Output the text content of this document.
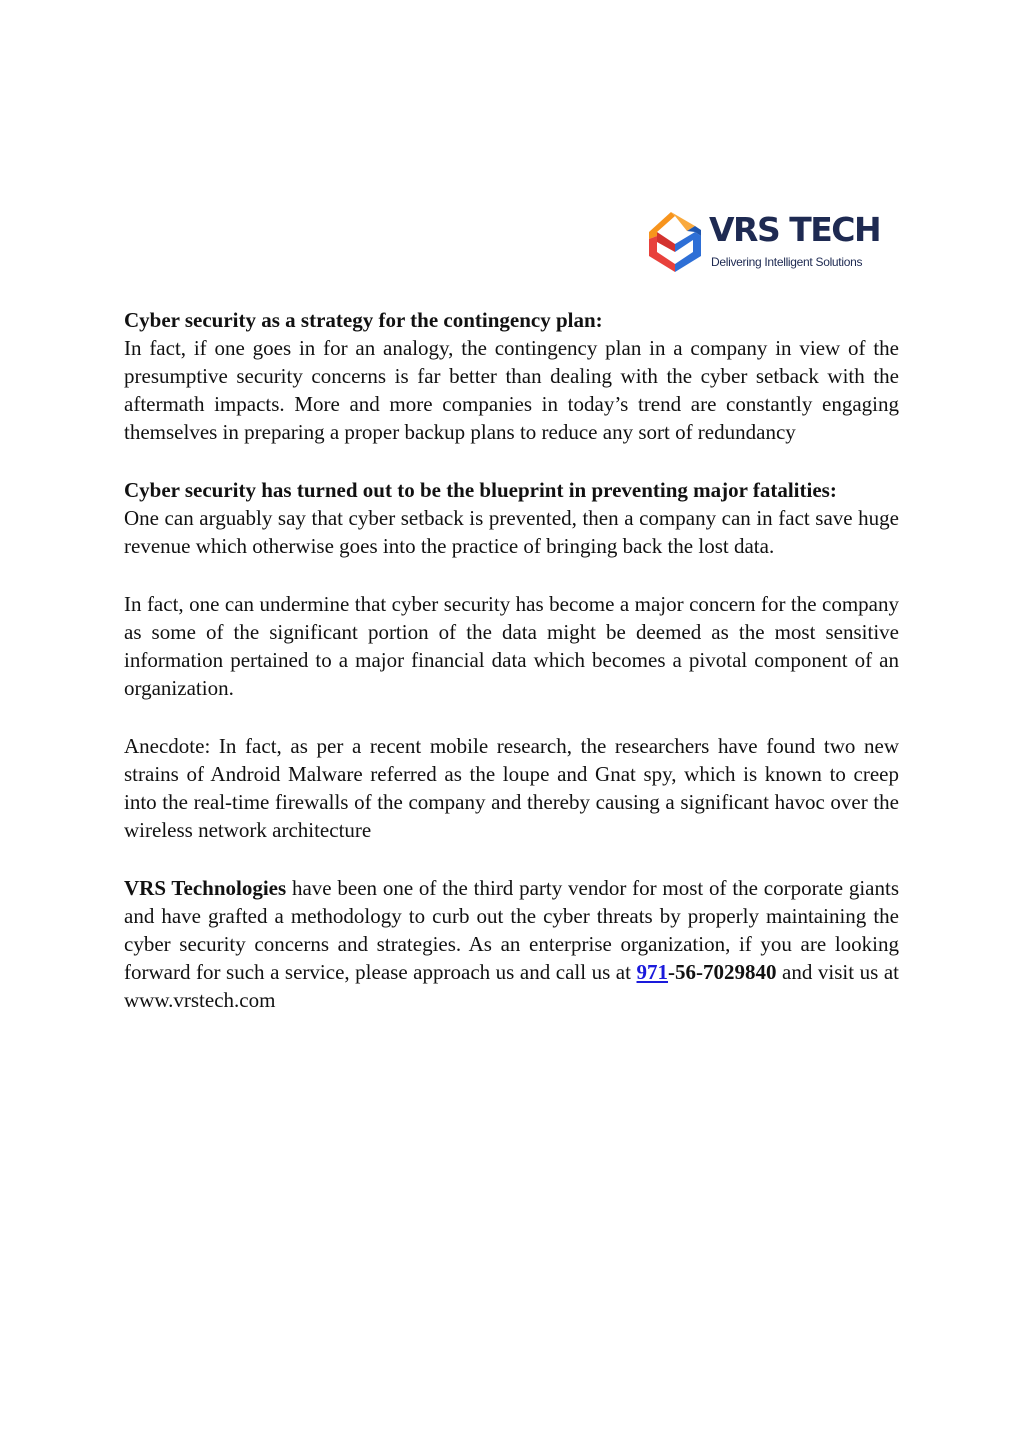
VRS TECH
Delivering Intelligent Solutions
Cyber security as a strategy for the contingency plan:

In fact, if one goes in for an analogy, the contingency plan in a company in view of the presumptive security concerns is far better than dealing with the cyber setback with the aftermath impacts. More and more companies in today’s trend are constantly engaging themselves in preparing a proper backup plans to reduce any sort of redundancy

Cyber security has turned out to be the blueprint in preventing major fatalities:

One can arguably say that cyber setback is prevented, then a company can in fact save huge revenue which otherwise goes into the practice of bringing back the lost data.

In fact, one can undermine that cyber security has become a major concern for the company as some of the significant portion of the data might be deemed as the most sensitive information pertained to a major financial data which becomes a pivotal component of an organization.

Anecdote: In fact, as per a recent mobile research, the researchers have found two new strains of Android Malware referred as the loupe and Gnat spy, which is known to creep into the real-time firewalls of the company and thereby causing a significant havoc over the wireless network architecture

VRS Technologies have been one of the third party vendor for most of the corporate giants and have grafted a methodology to curb out the cyber threats by properly maintaining the cyber security concerns and strategies. As an enterprise organization, if you are looking forward for such a service, please approach us and call us at 971-56-7029840 and visit us at www.vrstech.com
